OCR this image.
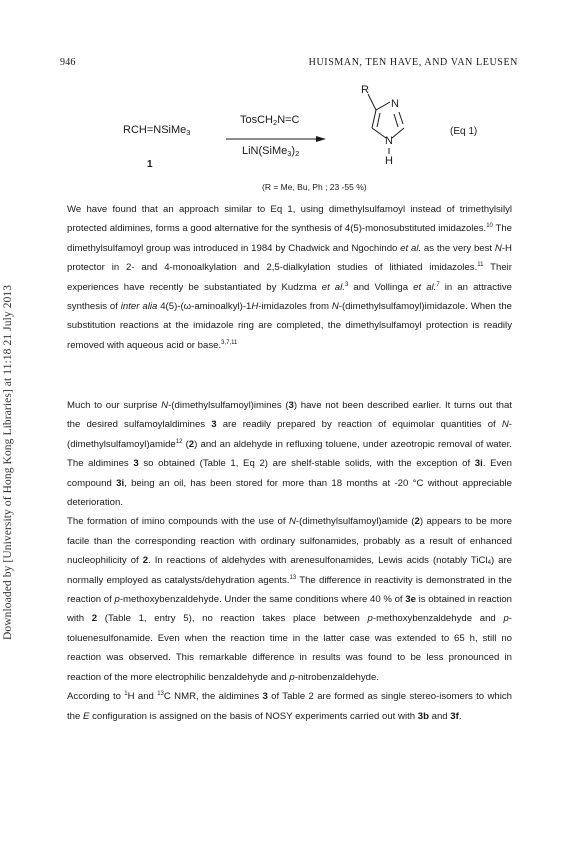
946	HUISMAN, TEN HAVE, AND VAN LEUSEN
Downloaded by [University of Hong Kong Libraries] at 11:18 21 July 2013
RCH=NSiMe$_3$
1
TosCH$_2$N=C
$LiN(SiMe_3)_2$
R
N
N
H
(Eq 1)
(R = Me, Bu, Ph ; 23 -55 %)

We have found that an approach similar to Eq 1, using dimethylsulfamoyl instead of trimethylsilyl protected aldimines, forms a good alternative for the synthesis of 4(5)-monosubstituted imidazoles.$^{10}$ The dimethylsulfamoyl group was introduced in 1984 by Chadwick and Ngochindo et al. as the very best N-H protector in 2- and 4-monoalkylation and 2,5-dialkylation studies of lithiated imidazoles.$^{11}$ Their experiences have recently be substantiated by Kudzma et al.$^3$ and Vollinga et al.$^7$ in an attractive synthesis of inter alia 4(5)-(ω-aminoalkyl)-1H-imidazoles from N-(dimethylsulfamoyl)imidazole. When the substitution reactions at the imidazole ring are completed, the dimethylsulfamoyl protection is readily removed with aqueous acid or base.$^{3,7,11}$

Much to our surprise N-(dimethylsulfamoyl)imines (3) have not been described earlier. It turns out that the desired sulfamoylaldimines 3 are readily prepared by reaction of equimolar quantities of N-(dimethylsulfamoyl)amide$^{12}$ (2) and an aldehyde in refluxing toluene, under azeotropic removal of water. The aldimines 3 so obtained (Table 1, Eq 2) are shelf-stable solids, with the exception of 3i. Even compound 3i, being an oil, has been stored for more than 18 months at -20 °C without appreciable deterioration.

The formation of imino compounds with the use of N-(dimethylsulfamoyl)amide (2) appears to be more facile than the corresponding reaction with ordinary sulfonamides, probably as a result of enhanced nucleophilicity of 2. In reactions of aldehydes with arenesulfonamides, Lewis acids (notably TiCl$_4$) are normally employed as catalysts/dehydration agents.$^{13}$ The difference in reactivity is demonstrated in the reaction of p-methoxybenzaldehyde. Under the same conditions where 40 % of 3e is obtained in reaction with 2 (Table 1, entry 5), no reaction takes place between p-methoxybenzaldehyde and p-toluenesulfonamide. Even when the reaction time in the latter case was extended to 65 h, still no reaction was observed. This remarkable difference in results was found to be less pronounced in reaction of the more electrophilic benzaldehyde and p-nitrobenzaldehyde.

According to $^1$H and $^{13}$C NMR, the aldimines 3 of Table 2 are formed as single stereo-isomers to which the E configuration is assigned on the basis of NOSY experiments carried out with 3b and 3f.
